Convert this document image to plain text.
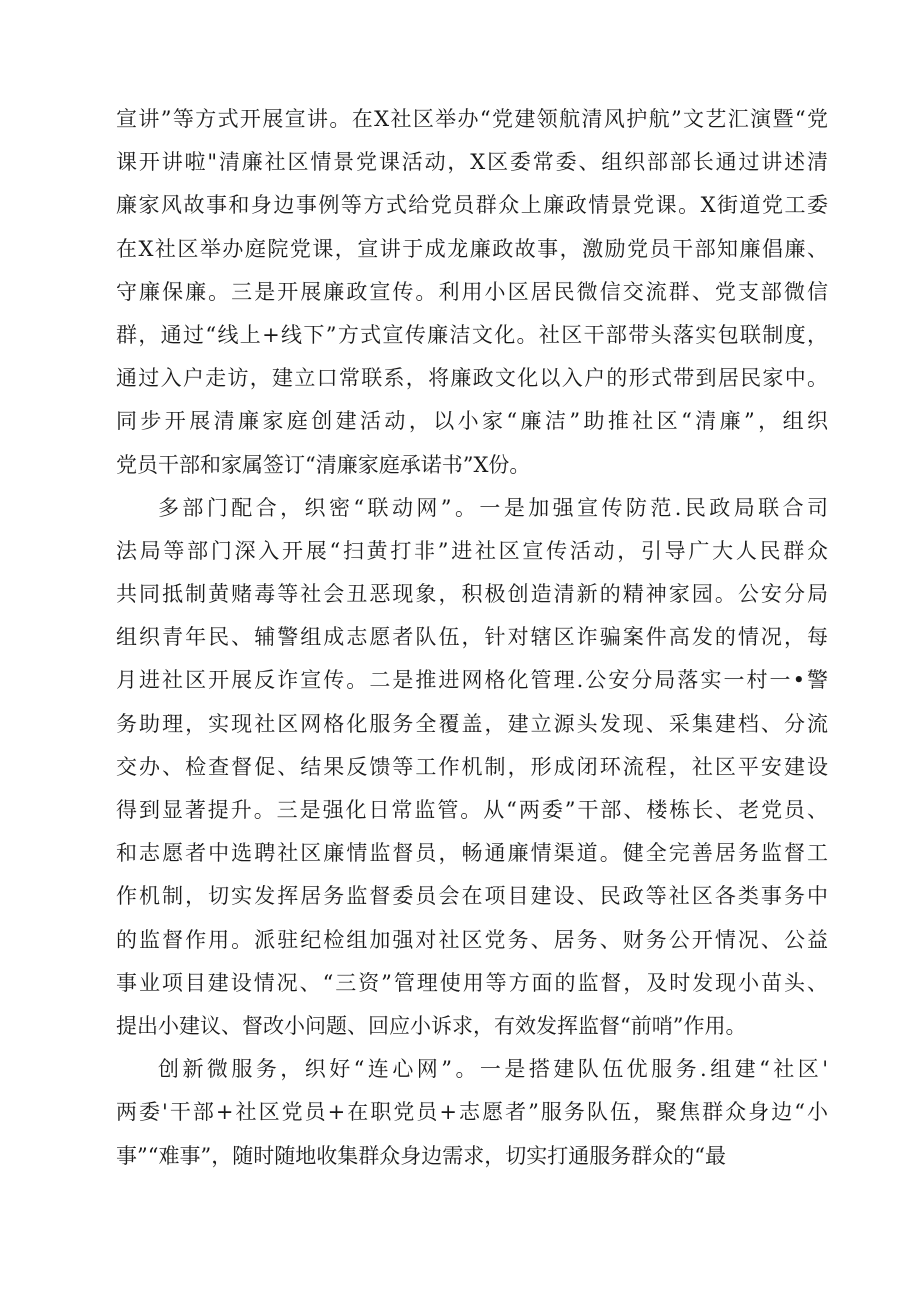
宣讲”等方式开展宣讲。在X社区举办“党建领航清风护航”文艺汇演暨“党
课开讲啦"清廉社区情景党课活动，X区委常委、组织部部长通过讲述清
廉家风故事和身边事例等方式给党员群众上廉政情景党课。X街道党工委
在X社区举办庭院党课，宣讲于成龙廉政故事，激励党员干部知廉倡廉、
守廉保廉。三是开展廉政宣传。利用小区居民微信交流群、党支部微信
群，通过“线上+线下”方式宣传廉洁文化。社区干部带头落实包联制度，
通过入户走访，建立口常联系，将廉政文化以入户的形式带到居民家中。
同步开展清廉家庭创建活动，以小家“廉洁”助推社区“清廉”，组织
党员干部和家属签订“清廉家庭承诺书”X份。
多部门配合，织密“联动网”。一是加强宣传防范.民政局联合司
法局等部门深入开展“扫黄打非”进社区宣传活动，引导广大人民群众
共同抵制黄赌毒等社会丑恶现象，积极创造清新的精神家园。公安分局
组织青年民、辅警组成志愿者队伍，针对辖区诈骗案件高发的情况，每
月进社区开展反诈宣传。二是推进网格化管理.公安分局落实一村一•警
务助理，实现社区网格化服务全覆盖，建立源头发现、采集建档、分流
交办、检查督促、结果反馈等工作机制，形成闭环流程，社区平安建设
得到显著提升。三是强化日常监管。从“两委”干部、楼栋长、老党员、
和志愿者中选聘社区廉情监督员，畅通廉情渠道。健全完善居务监督工
作机制，切实发挥居务监督委员会在项目建设、民政等社区各类事务中
的监督作用。派驻纪检组加强对社区党务、居务、财务公开情况、公益
事业项目建设情况、“三资”管理使用等方面的监督，及时发现小苗头、
提出小建议、督改小问题、回应小诉求，有效发挥监督“前哨”作用。
创新微服务，织好“连心网”。一是搭建队伍优服务.组建“社区'
两委'干部+社区党员+在职党员+志愿者”服务队伍，聚焦群众身边“小
事”“难事”，随时随地收集群众身边需求，切实打通服务群众的“最
